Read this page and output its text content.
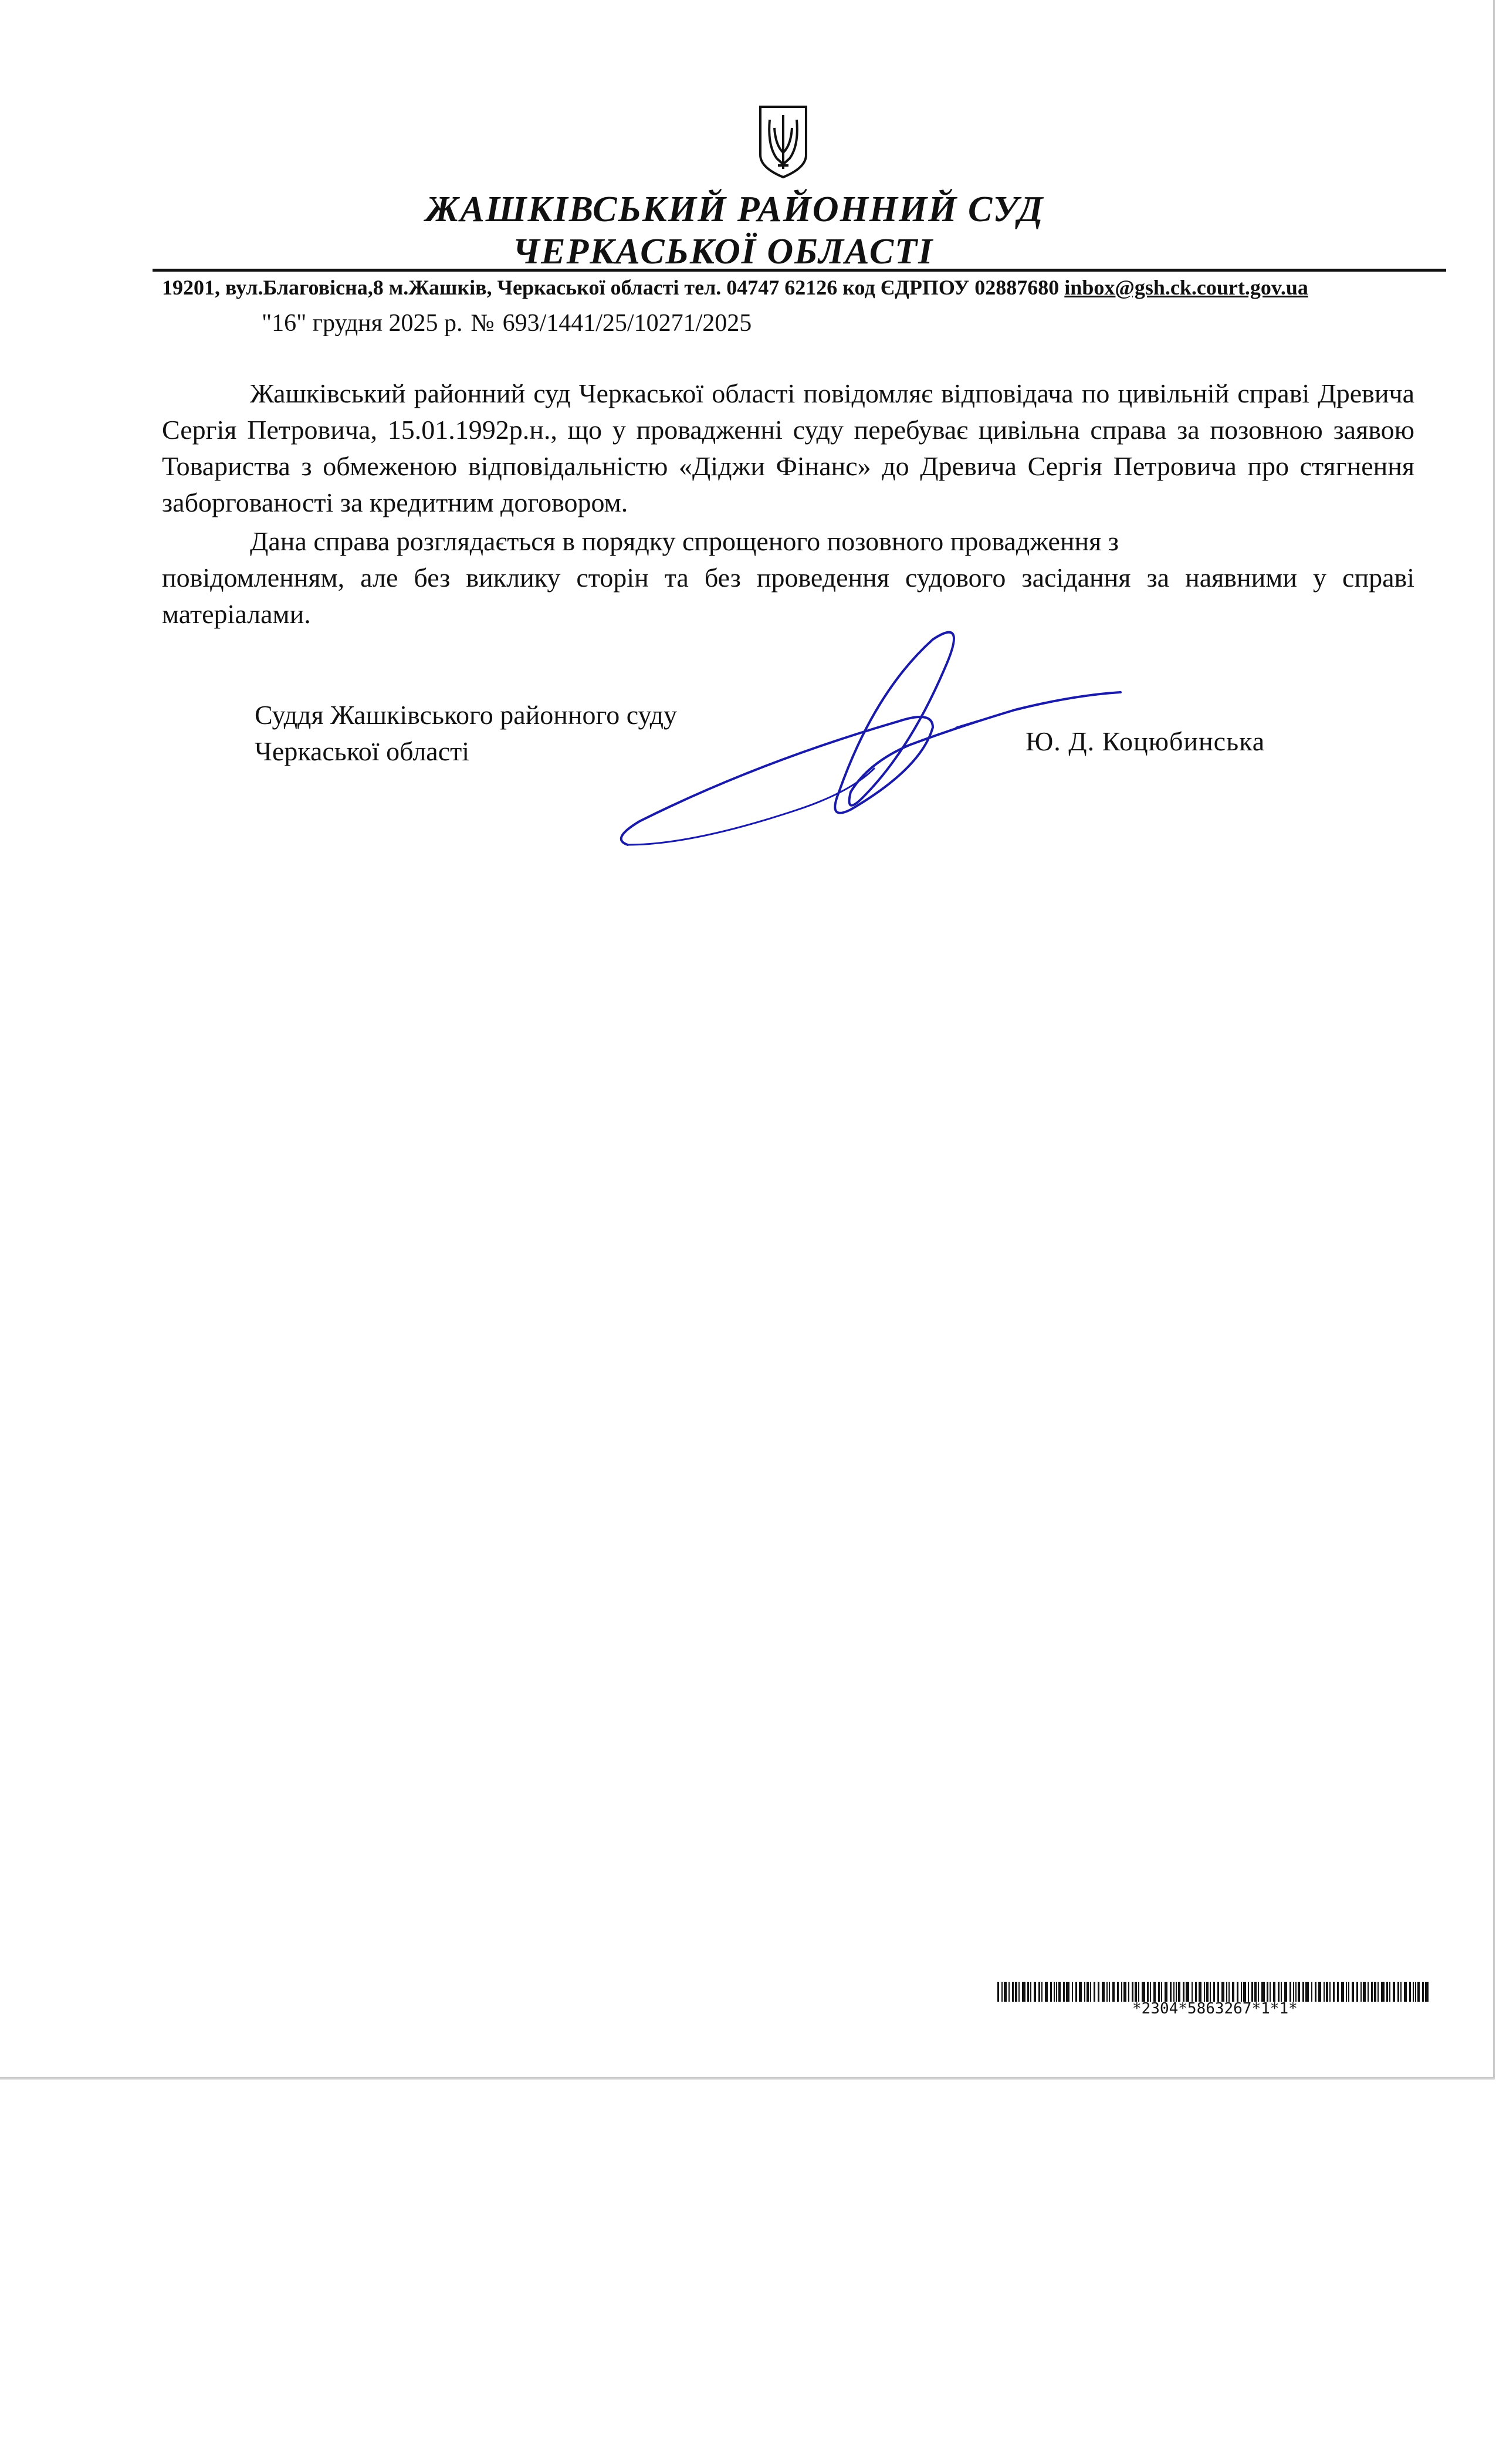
ЖАШКІВСЬКИЙ РАЙОННИЙ СУД
ЧЕРКАСЬКОЇ ОБЛАСТІ
19201, вул.Благовісна,8 м.Жашків, Черкаської області тел. 04747 62126 код ЄДРПОУ 02887680 inbox@gsh.ck.court.gov.ua
"16" грудня 2025 р. № 693/1441/25/10271/2025
Жашківський районний суд Черкаської області повідомляє відповідача по цивільній справі Древича Сергія Петровича, 15.01.1992р.н., що у провадженні суду перебуває цивільна справа за позовною заявою Товариства з обмеженою відповідальністю «Діджи Фінанс» до Древича Сергія Петровича про стягнення заборгованості за кредитним договором.
Дана справа розглядається в порядку спрощеного позовного провадження з
повідомленням, але без виклику сторін та без проведення судового засідання за наявними у справі матеріалами.
Суддя Жашківського районного суду
Черкаської області	Ю. Д. Коцюбинська
*2304*5863267*1*1*
